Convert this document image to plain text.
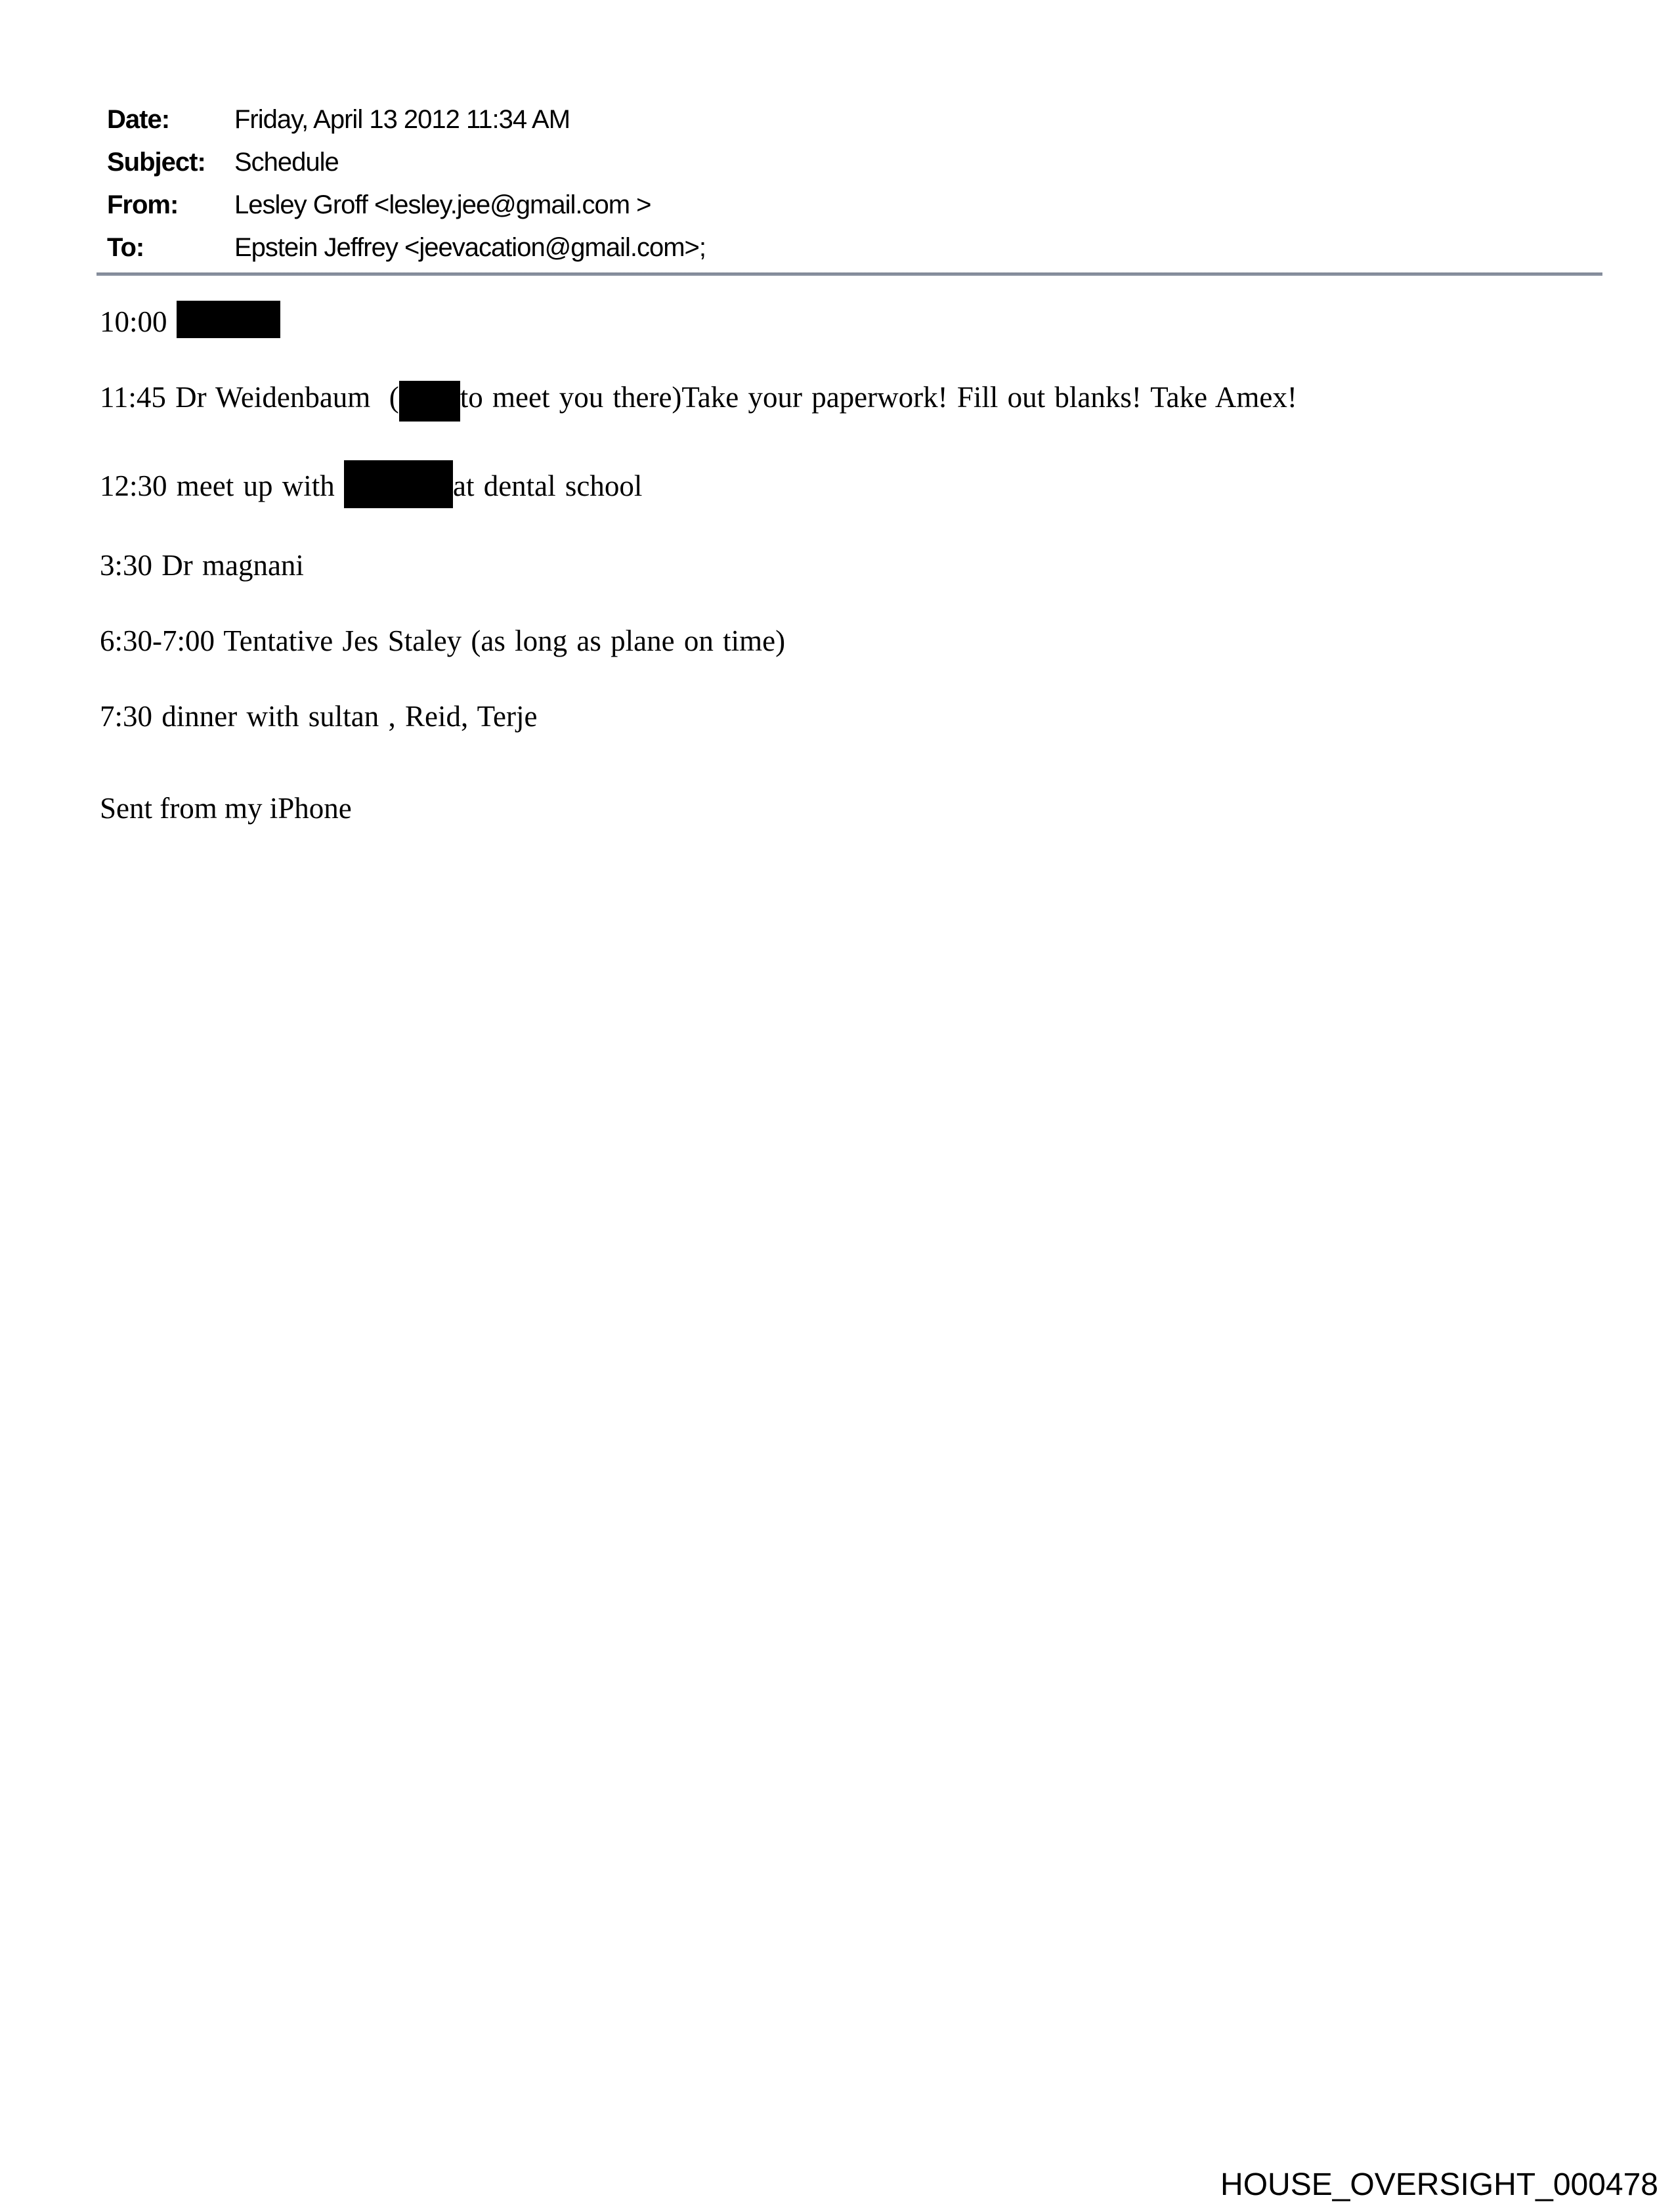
Date:	Friday, April 13 2012 11:34 AM
Subject:	Schedule
From:	Lesley Groff <lesley.jee@gmail.com >
To:	Epstein Jeffrey <jeevacation@gmail.com>;

10:00

11:45 Dr Weidenbaum  ( to meet you there)Take your paperwork! Fill out blanks! Take Amex!

12:30 meet up with	at dental school

3:30 Dr magnani

6:30-7:00 Tentative Jes Staley (as long as plane on time)

7:30 dinner with sultan , Reid, Terje

Sent from my iPhone

HOUSE_OVERSIGHT_000478
